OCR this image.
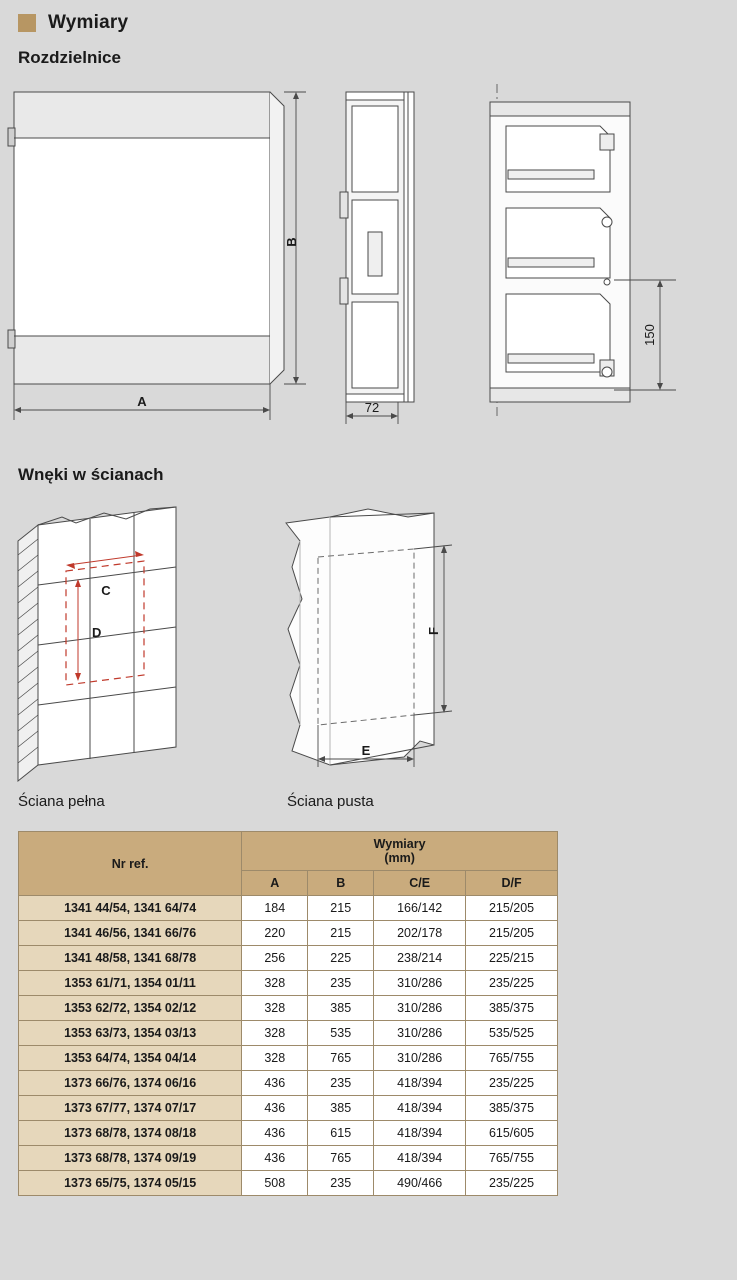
Wymiary
Rozdzielnice
B
A	72
150
Wnęki w ścianach
C
D	F
E
Ściana pełna	Ściana pusta
Nr ref.	Wymiary
(mm)			
	A	B	C/E	D/F
1341 44/54, 1341 64/74	184	215	166/142	215/205
1341 46/56, 1341 66/76	220	215	202/178	215/205
1341 48/58, 1341 68/78	256	225	238/214	225/215
1353 61/71, 1354 01/11	328	235	310/286	235/225
1353 62/72, 1354 02/12	328	385	310/286	385/375
1353 63/73, 1354 03/13	328	535	310/286	535/525
1353 64/74, 1354 04/14	328	765	310/286	765/755
1373 66/76, 1374 06/16	436	235	418/394	235/225
1373 67/77, 1374 07/17	436	385	418/394	385/375
1373 68/78, 1374 08/18	436	615	418/394	615/605
1373 68/78, 1374 09/19	436	765	418/394	765/755
1373 65/75, 1374 05/15	508	235	490/466	235/225
